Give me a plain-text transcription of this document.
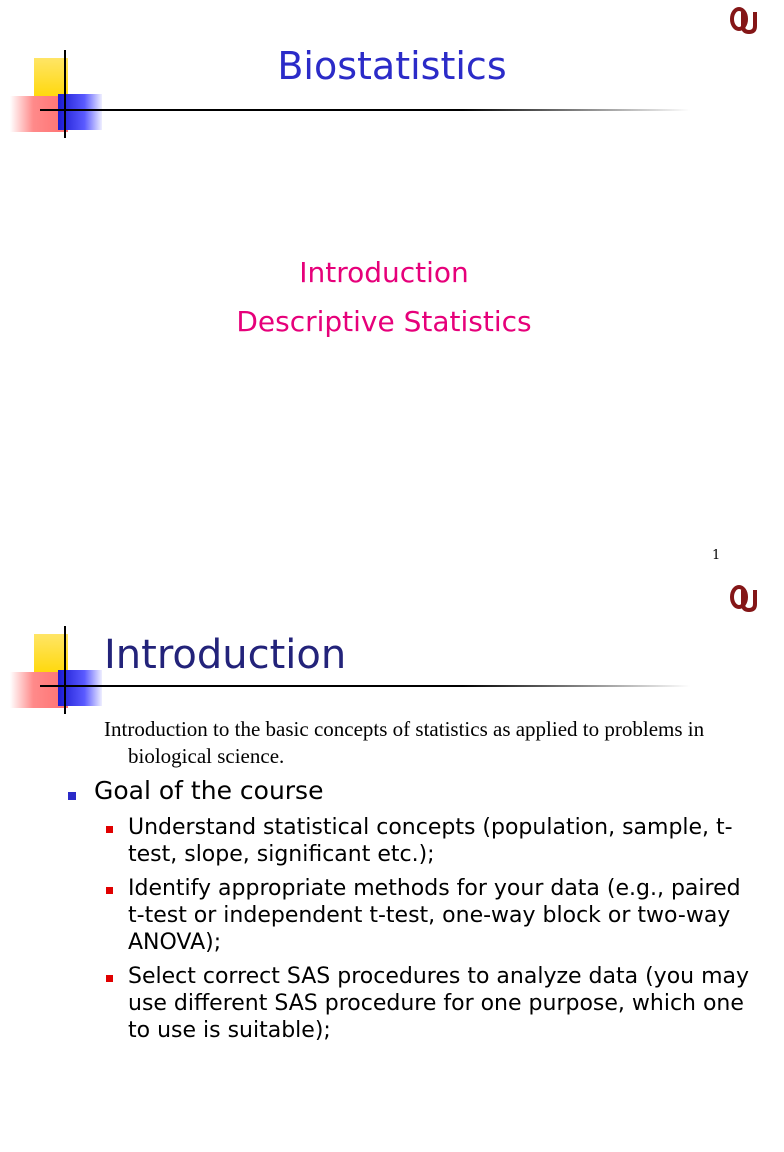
Biostatistics
Introduction
Descriptive Statistics
1
Introduction
Introduction to the basic concepts of statistics as applied to problems in biological science.
Goal of the course
Understand statistical concepts (population, sample, t-test, slope, significant etc.);
Identify appropriate methods for your data (e.g., paired t-test or independent t-test, one-way block or two-way ANOVA);
Select correct SAS procedures to analyze data (you may use different SAS procedure for one purpose, which one to use is suitable);
